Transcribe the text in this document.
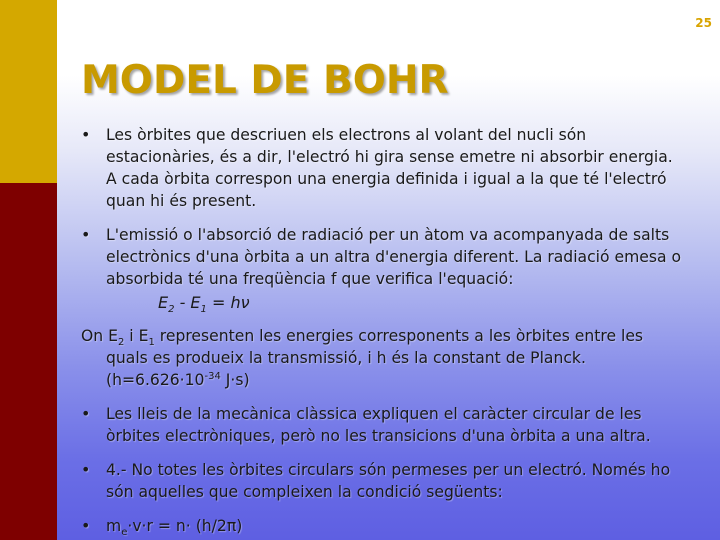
25
MODEL DE BOHR
• Les òrbites que descriuen els electrons al volant del nucli són
estacionàries, és a dir, l'electró hi gira sense emetre ni absorbir energia.
A cada òrbita correspon una energia definida i igual a la que té l'electró
quan hi és present.
• L'emissió o l'absorció de radiació per un àtom va acompanyada de salts
electrònics d'una òrbita a un altra d'energia diferent. La radiació emesa o
absorbida té una freqüència f que verifica l'equació:
$E_2 - E_1 = h\nu$
On $E_2$ i $E_1$ representen les energies corresponents a les òrbites entre les
quals es produeix la transmissió, i h és la constant de Planck.
($h=6.626\cdot 10^{-34}$ J·s)
• Les lleis de la mecànica clàssica expliquen el caràcter circular de les
òrbites electròniques, però no les transicions d'una òrbita a una altra.
• 4.- No totes les òrbites circulars són permeses per un electró. Només ho
són aquelles que compleixen la condició següents:
• $m_e\cdot v\cdot r = n\cdot (h/2\pi)$
